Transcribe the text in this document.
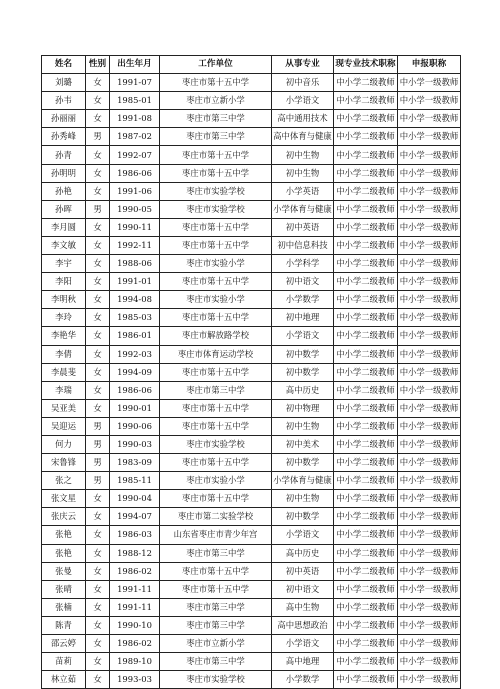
姓名	性别	出生年月	工作单位	从事专业	现专业技术职称	申报职称
刘璐	女	1991-07	枣庄市第十五中学	初中音乐	中小学二级教师	中小学一级教师
孙韦	女	1985-01	枣庄市立新小学	小学语文	中小学二级教师	中小学一级教师
孙丽丽	女	1991-08	枣庄市第三中学	高中通用技术	中小学二级教师	中小学一级教师
孙秀峰	男	1987-02	枣庄市第三中学	高中体育与健康	中小学二级教师	中小学一级教师
孙青	女	1992-07	枣庄市第十五中学	初中生物	中小学二级教师	中小学一级教师
孙明明	女	1986-06	枣庄市第十五中学	初中生物	中小学二级教师	中小学一级教师
孙艳	女	1991-06	枣庄市实验学校	小学英语	中小学二级教师	中小学一级教师
孙晖	男	1990-05	枣庄市实验学校	小学体育与健康	中小学二级教师	中小学一级教师
李月圆	女	1990-11	枣庄市第十五中学	初中英语	中小学二级教师	中小学一级教师
李文敏	女	1992-11	枣庄市第十五中学	初中信息科技	中小学二级教师	中小学一级教师
李宇	女	1988-06	枣庄市实验小学	小学科学	中小学二级教师	中小学一级教师
李阳	女	1991-01	枣庄市第十五中学	初中语文	中小学二级教师	中小学一级教师
李明秋	女	1994-08	枣庄市实验小学	小学数学	中小学二级教师	中小学一级教师
李玲	女	1985-03	枣庄市第十五中学	初中地理	中小学二级教师	中小学一级教师
李艳华	女	1986-01	枣庄市解放路学校	小学语文	中小学二级教师	中小学一级教师
李倩	女	1992-03	枣庄市体育运动学校	初中数学	中小学二级教师	中小学一级教师
李晨斐	女	1994-09	枣庄市第十五中学	初中数学	中小学二级教师	中小学一级教师
李瑞	女	1986-06	枣庄市第三中学	高中历史	中小学二级教师	中小学一级教师
吴亚美	女	1990-01	枣庄市第十五中学	初中物理	中小学二级教师	中小学一级教师
吴迎运	男	1990-06	枣庄市第十五中学	初中生物	中小学二级教师	中小学一级教师
何力	男	1990-03	枣庄市实验学校	初中美术	中小学二级教师	中小学一级教师
宋鲁锋	男	1983-09	枣庄市第十五中学	初中数学	中小学二级教师	中小学一级教师
张之	男	1985-11	枣庄市实验小学	小学体育与健康	中小学二级教师	中小学一级教师
张文星	女	1990-04	枣庄市第十五中学	初中生物	中小学二级教师	中小学一级教师
张庆云	女	1994-07	枣庄市第二实验学校	初中数学	中小学二级教师	中小学一级教师
张艳	女	1986-03	山东省枣庄市青少年宫	小学语文	中小学二级教师	中小学一级教师
张艳	女	1988-12	枣庄市第三中学	高中历史	中小学二级教师	中小学一级教师
张曼	女	1986-02	枣庄市第十五中学	初中英语	中小学二级教师	中小学一级教师
张晴	女	1991-11	枣庄市第十五中学	初中语文	中小学二级教师	中小学一级教师
张楠	女	1991-11	枣庄市第三中学	高中生物	中小学二级教师	中小学一级教师
陈青	女	1990-10	枣庄市第三中学	高中思想政治	中小学二级教师	中小学一级教师
邵云婷	女	1986-02	枣庄市立新小学	小学语文	中小学二级教师	中小学一级教师
苗莉	女	1989-10	枣庄市第三中学	高中地理	中小学二级教师	中小学一级教师
林立茹	女	1993-03	枣庄市实验学校	小学数学	中小学二级教师	中小学一级教师
